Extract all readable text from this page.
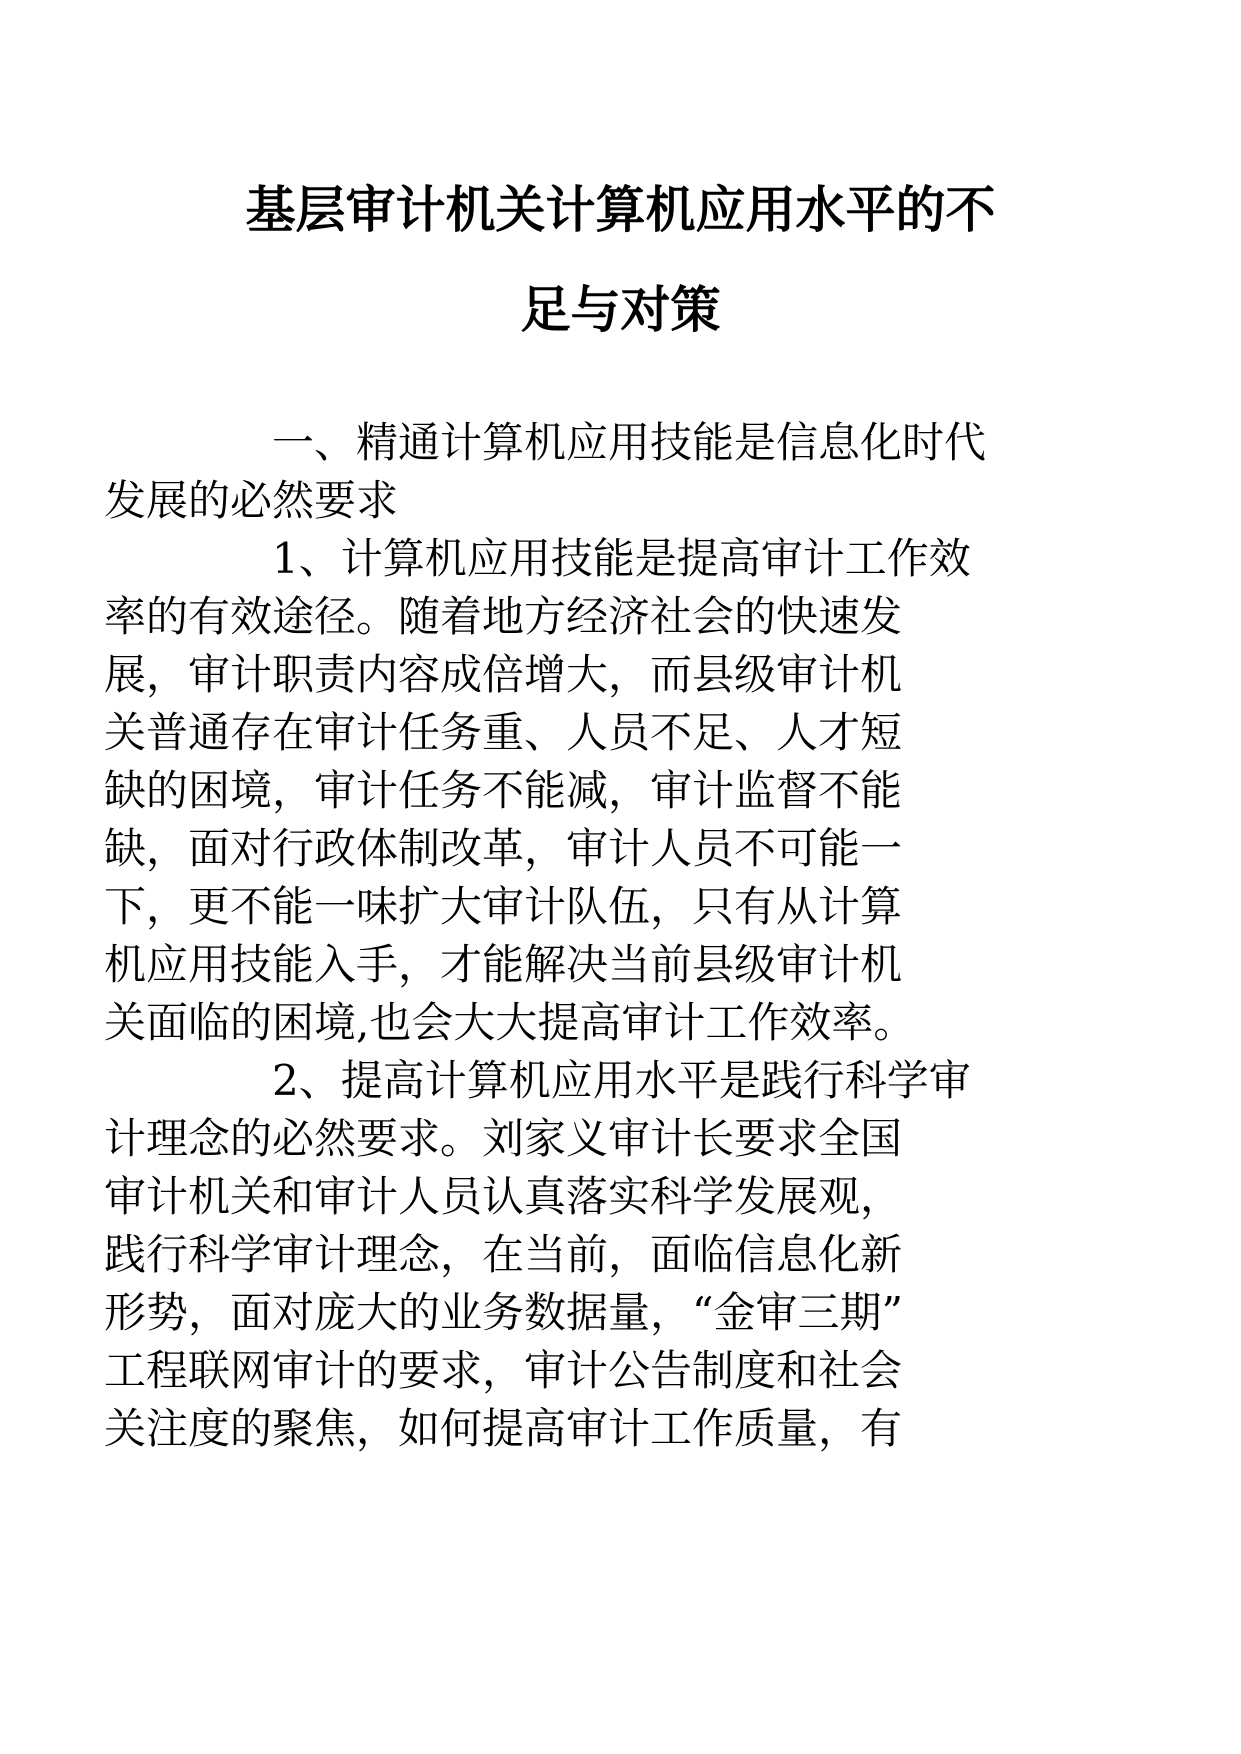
基层审计机关计算机应用水平的不
足与对策

一、精通计算机应用技能是信息化时代
发展的必然要求

1、计算机应用技能是提高审计工作效
率的有效途径。随着地方经济社会的快速发
展，审计职责内容成倍增大，而县级审计机
关普通存在审计任务重、人员不足、人才短
缺的困境，审计任务不能减，审计监督不能
缺，面对行政体制改革，审计人员不可能一
下，更不能一味扩大审计队伍，只有从计算
机应用技能入手，才能解决当前县级审计机
关面临的困境,也会大大提高审计工作效率。

2、提高计算机应用水平是践行科学审
计理念的必然要求。刘家义审计长要求全国
审计机关和审计人员认真落实科学发展观，
践行科学审计理念，在当前，面临信息化新
形势，面对庞大的业务数据量，“金审三期”
工程联网审计的要求，审计公告制度和社会
关注度的聚焦，如何提高审计工作质量，有
